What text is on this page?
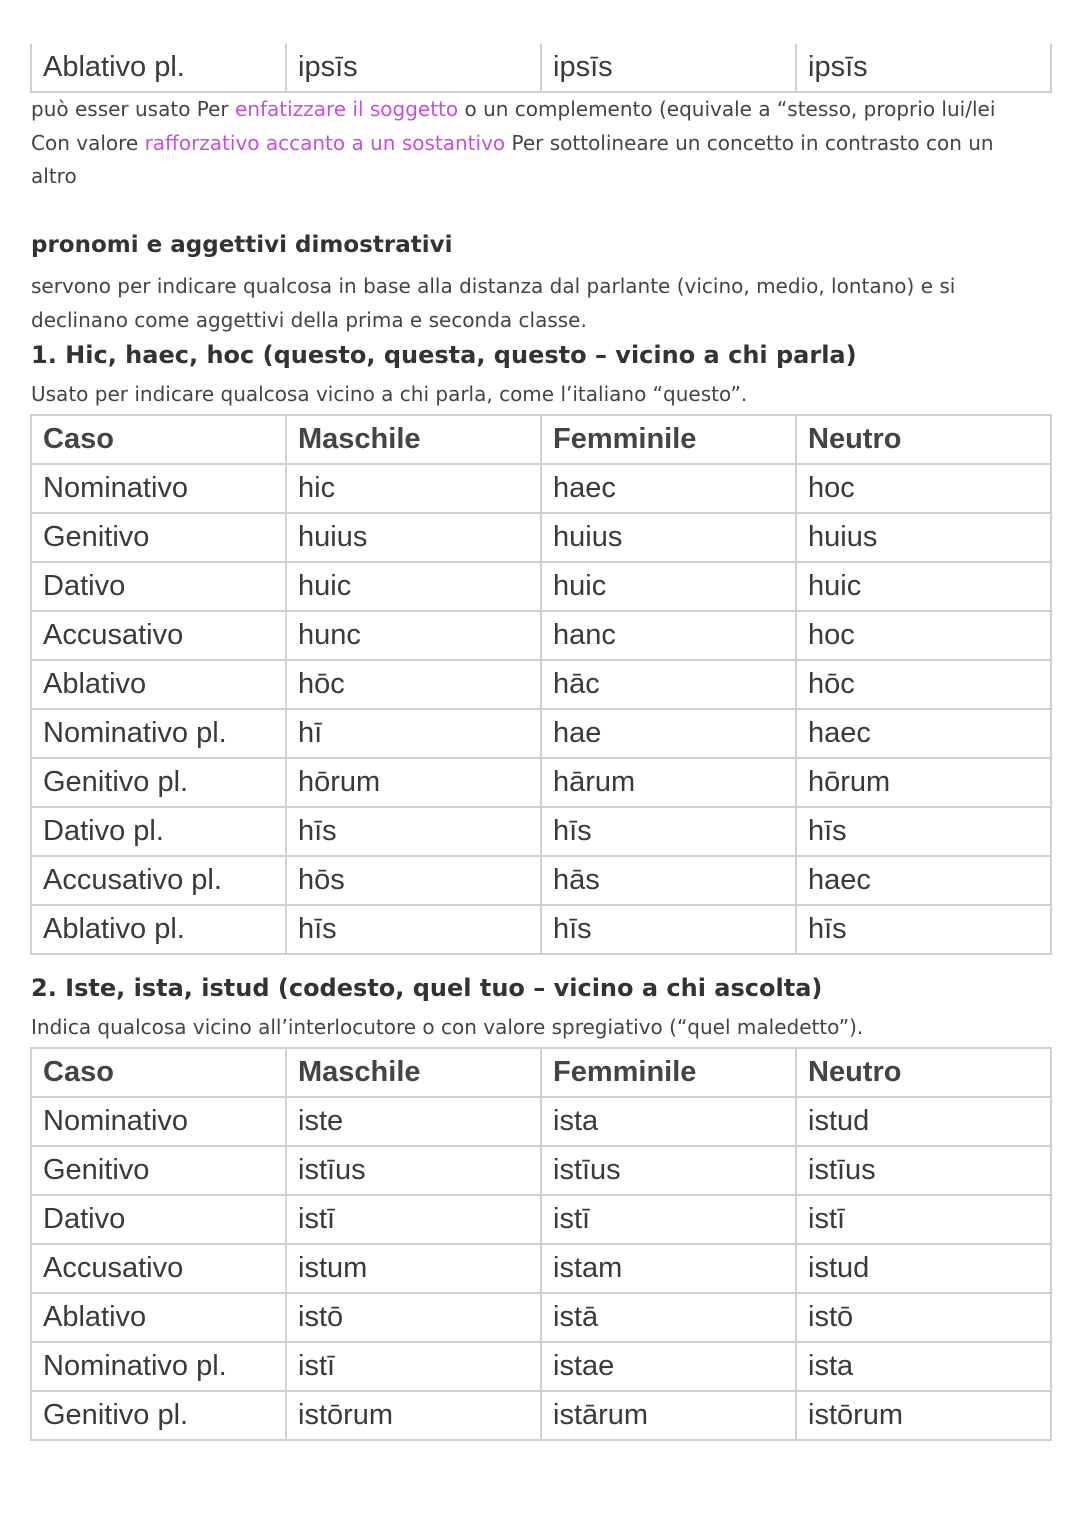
Ablativo pl.	ipsīs	ipsīs	ipsīs

può esser usato Per enfatizzare il soggetto o un complemento (equivale a “stesso, proprio lui/lei

Con valore rafforzativo accanto a un sostantivo Per sottolineare un concetto in contrasto con un

altro

pronomi e aggettivi dimostrativi

servono per indicare qualcosa in base alla distanza dal parlante (vicino, medio, lontano) e si

declinano come aggettivi della prima e seconda classe.

1. Hic, haec, hoc (questo, questa, questo – vicino a chi parla)

Usato per indicare qualcosa vicino a chi parla, come l’italiano “questo”.

Caso	Maschile	Femminile	Neutro
Nominativo	hic	haec	hoc
Genitivo	huius	huius	huius
Dativo	huic	huic	huic
Accusativo	hunc	hanc	hoc
Ablativo	hōc	hāc	hōc
Nominativo pl.	hī	hae	haec
Genitivo pl.	hōrum	hārum	hōrum
Dativo pl.	hīs	hīs	hīs
Accusativo pl.	hōs	hās	haec
Ablativo pl.	hīs	hīs	hīs

2. Iste, ista, istud (codesto, quel tuo – vicino a chi ascolta)

Indica qualcosa vicino all’interlocutore o con valore spregiativo (“quel maledetto”).

Caso	Maschile	Femminile	Neutro
Nominativo	iste	ista	istud
Genitivo	istīus	istīus	istīus
Dativo	istī	istī	istī
Accusativo	istum	istam	istud
Ablativo	istō	istā	istō
Nominativo pl.	istī	istae	ista
Genitivo pl.	istōrum	istārum	istōrum
